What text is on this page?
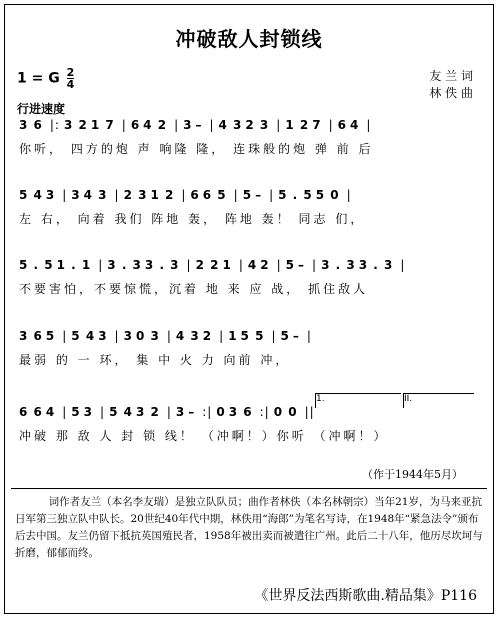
冲破敌人封锁线
1 = G $\frac{2}{4}$	友 兰 词
林 佚 曲
行进速度
3 6 |: 3 2 1 7 | 6 4 2 | 3 – | 4 3 2 3 | 1 2 7 | 6 4 |
你听， 四方的炮 声 响隆 隆， 连珠般的炮 弹 前 后
5 4 3 | 3 4 3 | 2 3 1 2 | 6 6 5 | 5 – | 5 . 5 5 0 |
左 右， 向着 我们 阵地 轰， 阵地 轰！ 同志 们，
5 . 5 1 . 1 | 3 . 3 3 . 3 | 2 2 1 | 4 2 | 5 – | 3 . 3 3 . 3 |
不要害怕，不要惊慌，沉着 地 来 应 战， 抓住敌人
3 6 5 | 5 4 3 | 3 0 3 | 4 3 2 | 1 5 5 | 5 – |
最弱 的 一 环， 集 中 火 力 向前 冲，
1.	II.
6 6 4 | 5 3 | 5 4 3 2 | 3 – :| 0 3 6 :| 0 0 ||
冲破 那 敌 人 封 锁 线！ （冲啊！）你听 （冲啊！）
（作于1944年5月）
词作者友兰（本名李友瑞）是独立队队员；曲作者林佚（本名林朝宗）当年21岁，为马来亚抗日军第三独立队中队长。20世纪40年代中期，林佚用“海郎”为笔名写诗，在1948年“紧急法令”颁布后去中国。友兰仍留下抵抗英国殖民者，1958年被出卖而被遣往广州。此后二十八年，他历尽坎坷与折磨，郁郁而终。
《世界反法西斯歌曲.精品集》P116
